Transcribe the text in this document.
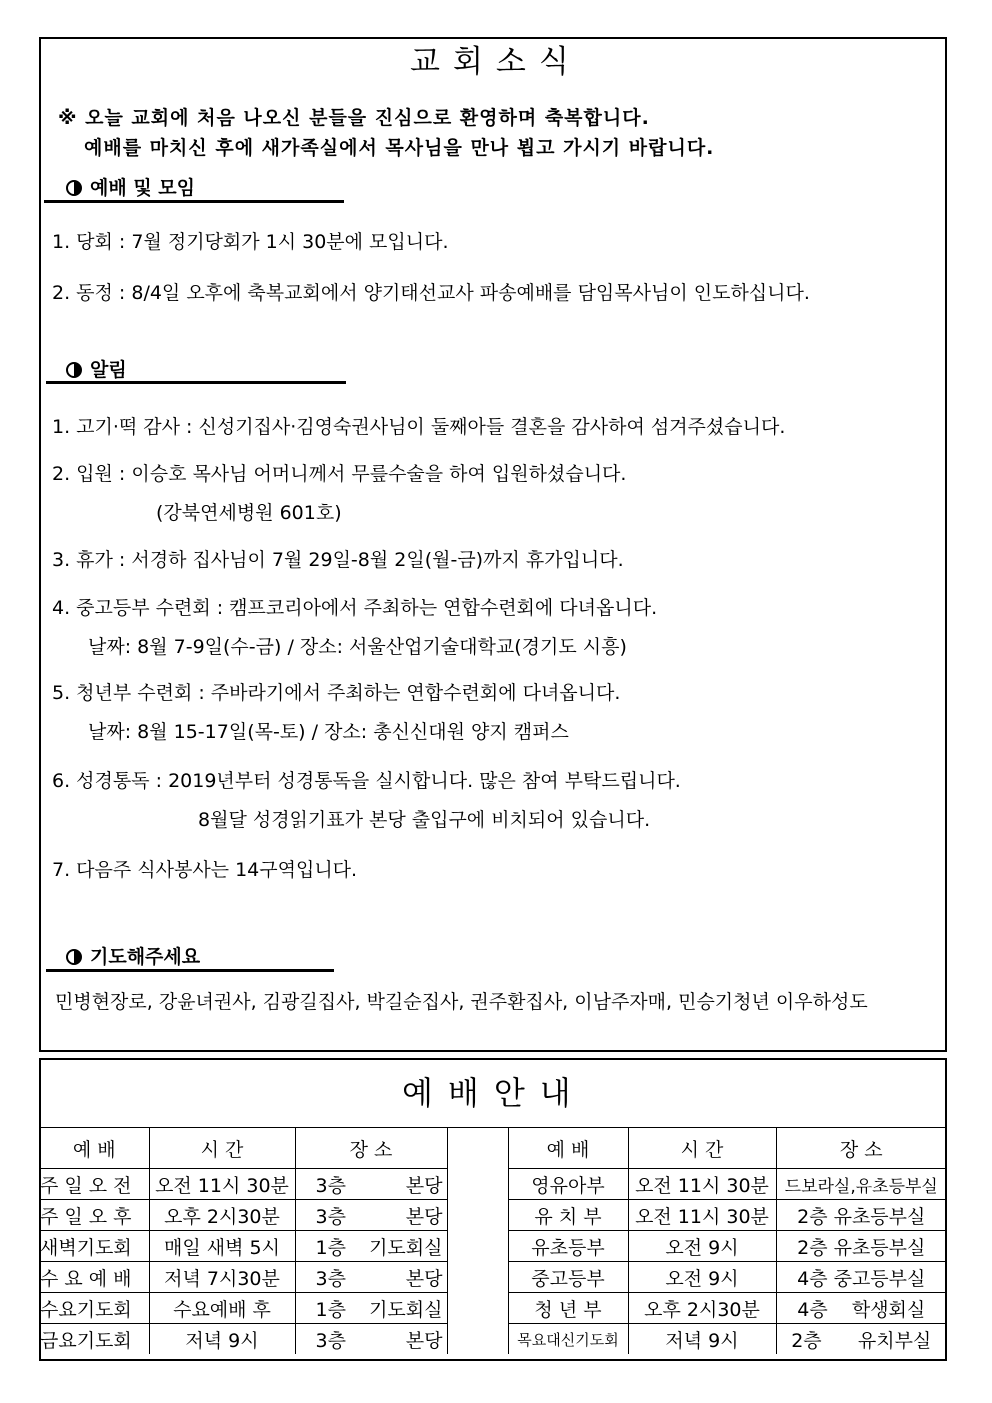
교회소식
※ 오늘 교회에 처음 나오신 분들을 진심으로 환영하며 축복합니다.
예배를 마치신 후에 새가족실에서 목사님을 만나 뵙고 가시기 바랍니다.
예배 및 모임
1. 당회 : 7월 정기당회가 1시 30분에 모입니다.
2. 동정 : 8/4일 오후에 축복교회에서 양기태선교사 파송예배를 담임목사님이 인도하십니다.
알림
1. 고기·떡 감사 : 신성기집사·김영숙권사님이 둘째아들 결혼을 감사하여 섬겨주셨습니다.
2. 입원 : 이승호 목사님 어머니께서 무릎수술을 하여 입원하셨습니다.
(강북연세병원 601호)
3. 휴가 : 서경하 집사님이 7월 29일-8월 2일(월-금)까지 휴가입니다.
4. 중고등부 수련회 : 캠프코리아에서 주최하는 연합수련회에 다녀옵니다.
날짜: 8월 7-9일(수-금) / 장소: 서울산업기술대학교(경기도 시흥)
5. 청년부 수련회 : 주바라기에서 주최하는 연합수련회에 다녀옵니다.
날짜: 8월 15-17일(목-토) / 장소: 총신신대원 양지 캠퍼스
6. 성경통독 : 2019년부터 성경통독을 실시합니다. 많은 참여 부탁드립니다.
8월달 성경읽기표가 본당 출입구에 비치되어 있습니다.
7. 다음주 식사봉사는 14구역입니다.
기도해주세요
민병현장로, 강윤녀권사, 김광길집사, 박길순집사, 권주환집사, 이남주자매, 민승기청년 이우하성도
예배안내
예 배	시 간	장 소		예 배	시 간	장 소
주 일 오 전	오전 11시 30분	3층 본당		영유아부	오전 11시 30분	드보라실,유초등부실
주 일 오 후	오후 2시30분	3층 본당		유 치 부	오전 11시 30분	2층 유초등부실
새벽기도회	매일 새벽 5시	1층 기도회실		유초등부	오전 9시	2층 유초등부실
수 요 예 배	저녁 7시30분	3층 본당		중고등부	오전 9시	4층 중고등부실
수요기도회	수요예배 후	1층 기도회실		청 년 부	오후 2시30분	4층    학생회실
금요기도회	저녁 9시	3층 본당		목요대신기도회	저녁 9시	2층      유치부실
